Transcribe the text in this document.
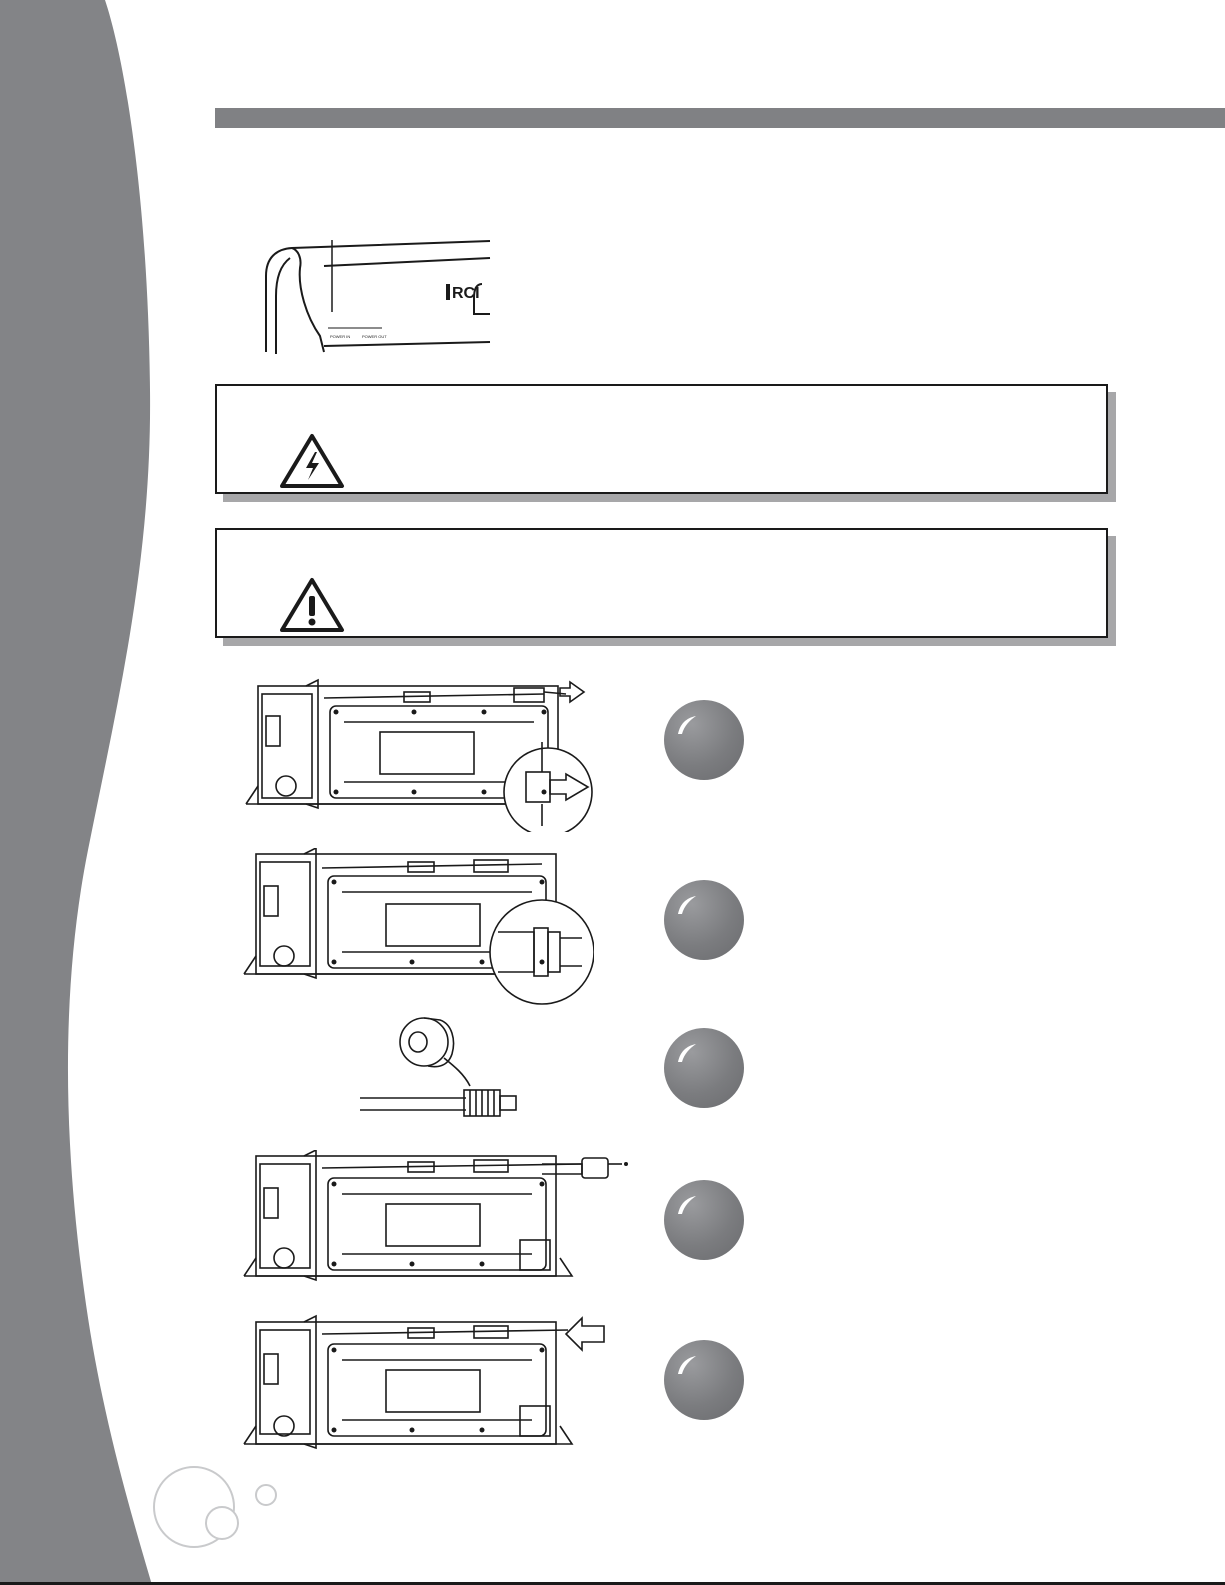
RCI
POWER IN	POWER OUT
